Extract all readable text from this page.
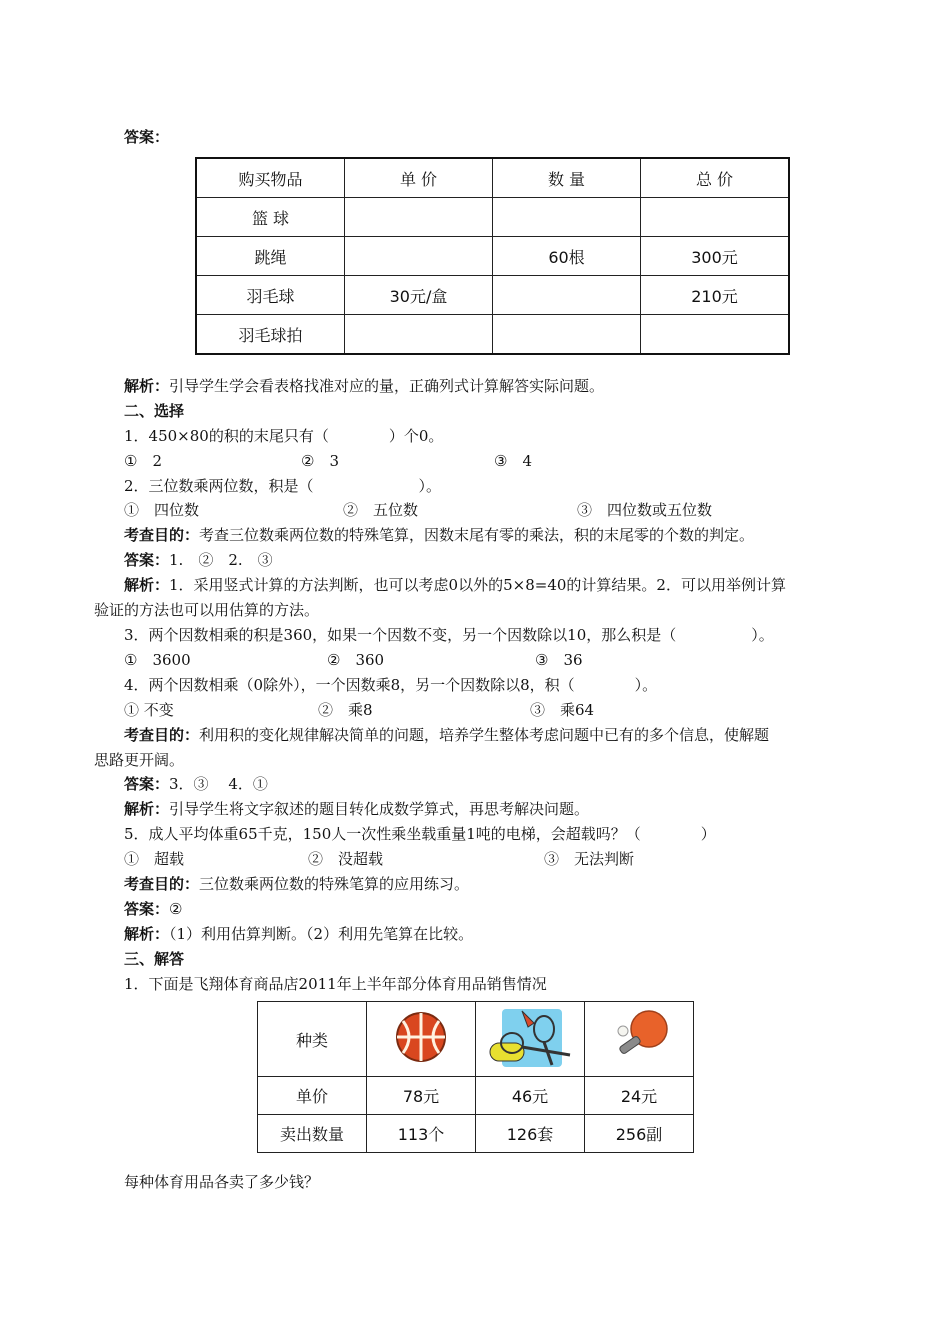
答案：
购买物品	单 价	数 量	总 价
篮 球			
跳绳		60根	300元
羽毛球	30元/盒		210元
羽毛球拍			
解析：引导学生学会看表格找准对应的量，正确列式计算解答实际问题。
二、选择
1．450×80的积的末尾只有（　　　　）个0。
①　2	②　3	③　4
2．三位数乘两位数，积是（　　　　　　　）。
①　四位数	②　五位数	③　四位数或五位数
考查目的：考查三位数乘两位数的特殊笔算，因数末尾有零的乘法，积的末尾零的个数的判定。
答案：1.　②　2.　③
解析：1．采用竖式计算的方法判断，也可以考虑0以外的5×8=40的计算结果。2．可以用举例计算
验证的方法也可以用估算的方法。
3．两个因数相乘的积是360，如果一个因数不变，另一个因数除以10，那么积是（　　　　　）。
①　3600	②　360	③　36
4．两个因数相乘（0除外），一个因数乘8，另一个因数除以8，积（　　　　）。
① 不变	②　乘8	③　乘64
考查目的：利用积的变化规律解决简单的问题，培养学生整体考虑问题中已有的多个信息，使解题
思路更开阔。
答案：3．③　 4．①
解析：引导学生将文字叙述的题目转化成数学算式，再思考解决问题。
5．成人平均体重65千克，150人一次性乘坐载重量1吨的电梯，会超载吗？（　　　　）
①　超载	②　没超载	③　无法判断
考查目的：三位数乘两位数的特殊笔算的应用练习。
答案：②
解析：（1）利用估算判断。（2）利用先笔算在比较。
三、解答
1．下面是飞翔体育商品店2011年上半年部分体育用品销售情况
种类			
单价	78元	46元	24元
卖出数量	113个	126套	256副
每种体育用品各卖了多少钱？
